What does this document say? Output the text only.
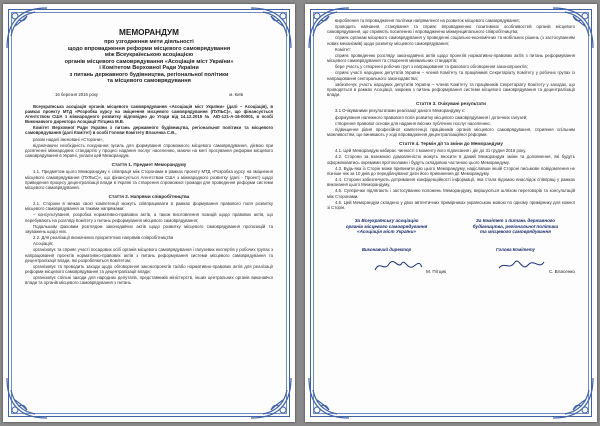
МЕМОРАНДУМ

про узгодження мети діяльності

щодо впровадження реформи місцевого самоврядування

між Всеукраїнською асоціацією

органів місцевого самоврядування «Асоціація міст України»

і Комітетом Верховної Ради України

з питань державного будівництва, регіональної політики

та місцевого самоврядування

16 березня 2016 року	м. Київ

Всеукраїнська асоціація органів місцевого самоврядування «Асоціація міст України» (далі – Асоціація), в рамках проекту МТД «Розробка курсу на зміцнення місцевого самоврядування (ПУЛЬС)», що фінансується Агентством США з міжнародного розвитку відповідно до Угоди від 14.12.2015 № AID-121-A-16-00001, в особі Виконавчого директора Асоціації Пітцика М.В.

Комітет Верховної Ради України з питань державного будівництва, регіональної політики та місцевого самоврядування (далі Комітет) в особі Голови Комітету Власенка С.В.,

разом надалі іменовані «Сторони»,

відзначаючи необхідність поєднання зусиль для формування спроможного місцевого самоврядування, дієвою при досягненні міжнародних стандартів у процесі надання послуг населенню, маючи на меті просування реформи місцевого самоврядування в Україні, уклали цей Меморандум.

Стаття 1. Предмет Меморандуму

1.1. Предметом цього Меморандуму є співпраця між Сторонами в рамках проекту МТД «Розробка курсу на зміцнення місцевого самоврядування (ПУЛЬС)», що фінансується Агентством США з міжнародного розвитку (далі - Проект) щодо приведення процесу децентралізації влади в Україні та створення спроможної громади для проведення реформи системи місцевого самоврядування.

Стаття 2. Напрями співробітництва

2.1. Сторони в межах своєї компетенції можуть співпрацювати в рамках формування правового поля розвитку місцевого самоврядування за такими напрямами:

– консультування, розробка нормативно-правових актів, а також висловлення позицій щодо правових актів, що перебувають на розгляді Комітету з питань реформування місцевого самоврядування;

Подальшим фаховим розглядом законодавчих актів щодо розвитку місцевого самоврядування пропозицій та зауважень щодо них.

2.2. Для реалізації визначених пріоритетних напрямів співробітництва

Асоціація:

організовує та сприяє участі посадових осіб органів місцевого самоврядування і галузевих експертів у робочих групах з напрацювання проектів нормативно-правових актів з питань реформування системи місцевого самоврядування та децентралізації влади, які розробляються Комітетом;

організовує та проводить заходи щодо обговорення законопроектів та/або нормативно-правових актів для реалізації реформи місцевого самоврядування та децентралізації влади;

організовує спільні заходи для народних депутатів, представників міністерств, інших центральних органів виконавчої влади та органів місцевого самоврядування з питань

вироблення та впровадження політики напрямленої на розвиток місцевого самоврядування;

проводить навчання, стажування та сприяє впровадженню позитивних особливостей органів місцевого самоврядування, що сприяють посиленню і впровадженню міжмуніципального співробітництва;

сприяє органам місцевого самоврядування у проведенні соціально-економічних та мобільних рішень (з застосуванням нових механізмів) щодо розвитку місцевого самоврядування;

Комітет:

сприяє проведенню розгляду законодавчих актів щодо проектів нормативно-правових актів з питань реформування місцевого самоврядування та створення мінімальних стандартів;

бере участь у створенні робочих груп з напрацювання та фахового обговорення законопроектів;

сприяє участі народних депутатів України – членів Комітету та працівників Секретаріату Комітету у робочих групах із напрацювання секторального законодавства;

забезпечує участь народних депутатів України – членів Комітету та працівників Секретаріату Комітету у заходах, що проводяться в рамках Асоціації, зокрема з питань реформування системи місцевого самоврядування та децентралізації влади.

Стаття 3. Очікувані результати

3.1 Очікуваними результатами реалізації даного Меморандуму є:

формування належного правового поля розвитку місцевого самоврядування і дотичних галузей;

створення правової основи для надання якісних публічних послуг населенню;

підвищення рівня професійної компетенції працівників органів місцевого самоврядування, сприяння спільним можливостям, що виникають у ході впровадження децентралізаційної реформи.

Стаття 4. Термін дії та зміни до Меморандуму

4.1. Цей Меморандум набирає чинності з моменту його підписання і діє до 31 грудня 2016 року.

4.2. Сторони за взаємною домовленістю можуть вносити в даний Меморандум зміни та доповнення, які будуть оформлюватись окремими протоколами і будуть складовою частиною цього Меморандуму.

4.3. Будь-яка із Сторін може припинити дію цього Меморандуму, надіславши іншій Стороні письмове повідомлення не пізніше ніж за 10 днів до передбачуваної дати його припинення дії Меморандуму.

4.4. Сторони забезпечують дотримання конфіденційності інформації, яка стала відомою внаслідок співпраці у рамках виконання цього Меморандуму.

4.5. Суперечки підлягають і застосуванню положень Меморандуму, вирішуються шляхом переговорів та консультацій між Сторонами.

4.6. Цей Меморандум складено у двох автентичних примірниках українською мовою по одному примірнику для кожної зі Сторін.

За Всеукраїнську асоціацію
органів місцевого самоврядування
«Асоціація міст України»
Виконавчий директор
М. Пітцик
За Комітет з питань державного
будівництва, регіональної політики
та місцевого самоврядування
Голова Комітету
С. Власенко
